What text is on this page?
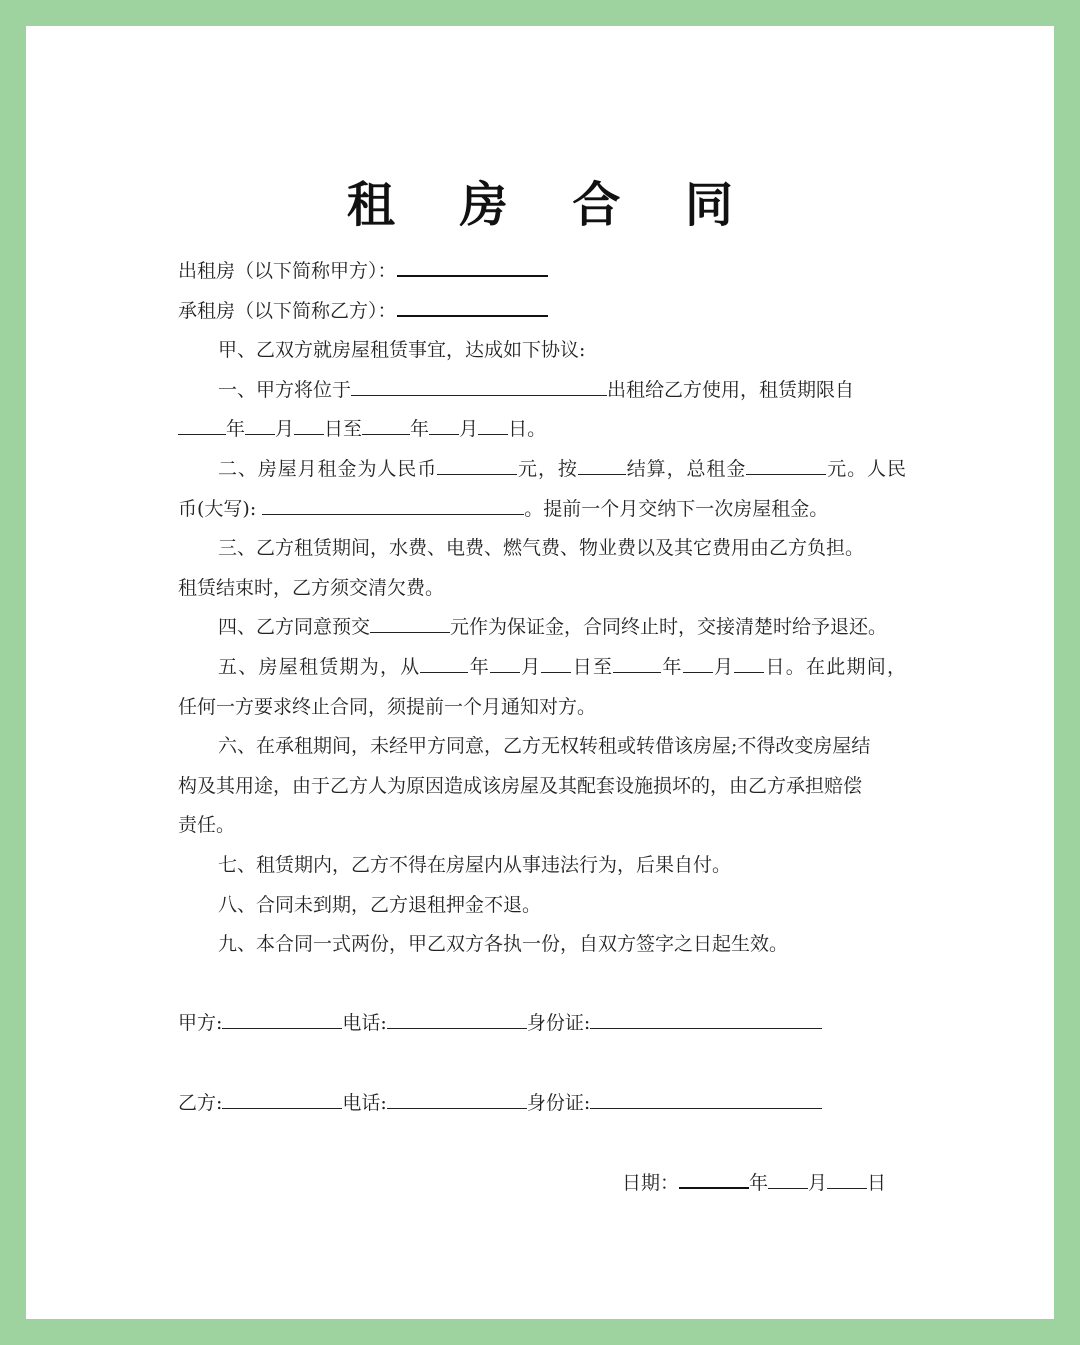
租 房 合 同
出租房（以下简称甲方）：
承租房（以下简称乙方）：
甲、乙双方就房屋租赁事宜，达成如下协议:
一、甲方将位于	出租给乙方使用，租赁期限自
年 月 日至	年 月 日。
二、房屋月租金为人民币	元，按	结算，总租金	元。人民
币(大写):	。提前一个月交纳下一次房屋租金。
三、乙方租赁期间，水费、电费、燃气费、物业费以及其它费用由乙方负担。
租赁结束时，乙方须交清欠费。
四、乙方同意预交	元作为保证金，合同终止时，交接清楚时给予退还。
五、房屋租赁期为，从	年 月 日至	年 月 日。在此期间，
任何一方要求终止合同，须提前一个月通知对方。
六、在承租期间，未经甲方同意，乙方无权转租或转借该房屋;不得改变房屋结
构及其用途，由于乙方人为原因造成该房屋及其配套设施损坏的，由乙方承担赔偿
责任。
七、租赁期内，乙方不得在房屋内从事违法行为，后果自付。
八、合同未到期，乙方退租押金不退。
九、本合同一式两份，甲乙双方各执一份，自双方签字之日起生效。
甲方:	电话:	身份证:
乙方:	电话:	身份证:
日期：	年 月 日
